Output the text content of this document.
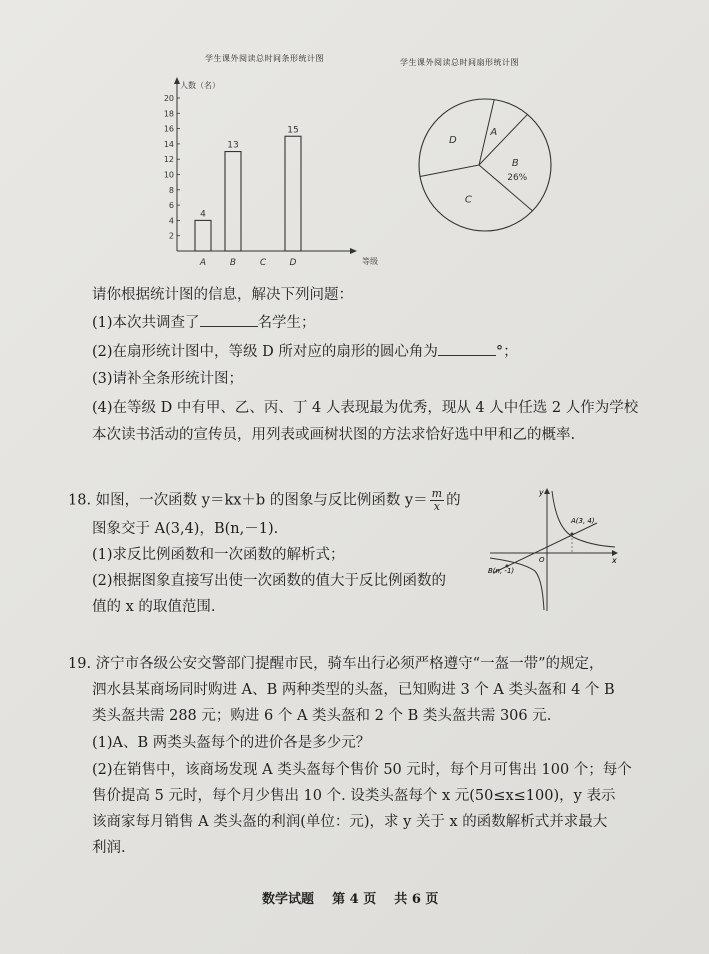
学生课外阅读总时间条形统计图	学生课外阅读总时间扇形统计图
人数（名）
等级
2
4
6
8
10
12
14
16
18
20
4
A
13
B	C
15
D
A
B
26%
C
D
请你根据统计图的信息，解决下列问题：
(1)本次共调查了	名学生；
(2)在扇形统计图中，等级 D 所对应的扇形的圆心角为	°；
(3)请补全条形统计图；
(4)在等级 D 中有甲、乙、丙、丁 4 人表现最为优秀，现从 4 人中任选 2 人作为学校
本次读书活动的宣传员，用列表或画树状图的方法求恰好选中甲和乙的概率.
18. 如图，一次函数 y＝kx＋b 的图象与反比例函数 $y= \frac{m}{x}$ 的
图象交于 A(3,4)，B(n,－1).
(1)求反比例函数和一次函数的解析式；
(2)根据图象直接写出使一次函数的值大于反比例函数的
值的 x 的取值范围.
y
x
O
A(3, 4)
B(n, -1)
19. 济宁市各级公安交警部门提醒市民，骑车出行必须严格遵守“一盔一带”的规定，
泗水县某商场同时购进 A、B 两种类型的头盔，已知购进 3 个 A 类头盔和 4 个 B
类头盔共需 288 元；购进 6 个 A 类头盔和 2 个 B 类头盔共需 306 元.
(1)A、B 两类头盔每个的进价各是多少元？
(2)在销售中，该商场发现 A 类头盔每个售价 50 元时，每个月可售出 100 个；每个
售价提高 5 元时，每个月少售出 10 个. 设类头盔每个 x 元(50≤x≤100)，y 表示
该商家每月销售 A 类头盔的利润(单位：元)，求 y 关于 x 的函数解析式并求最大
利润.
数学试题    第 4 页    共 6 页
